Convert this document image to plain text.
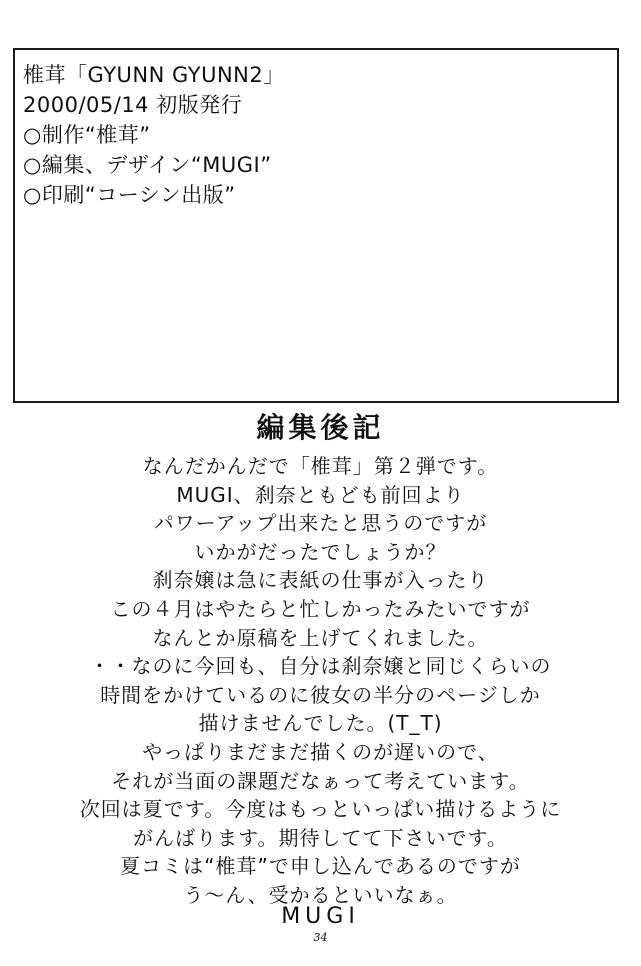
椎茸「GYUNN GYUNN2」
2000/05/14 初版発行
○制作“椎茸”
○編集、デザイン“MUGI”
○印刷“コーシン出版”
編集後記
なんだかんだで「椎茸」第２弾です。
MUGI、刹奈ともども前回より
パワーアップ出来たと思うのですが
いかがだったでしょうか？
刹奈嬢は急に表紙の仕事が入ったり
この４月はやたらと忙しかったみたいですが
なんとか原稿を上げてくれました。
・・なのに今回も、自分は刹奈嬢と同じくらいの
時間をかけているのに彼女の半分のページしか
描けませんでした。(T_T)
やっぱりまだまだ描くのが遅いので、
それが当面の課題だなぁって考えています。
次回は夏です。今度はもっといっぱい描けるように
がんばります。期待してて下さいです。
夏コミは“椎茸”で申し込んであるのですが
う～ん、受かるといいなぁ。
MUGI
34
